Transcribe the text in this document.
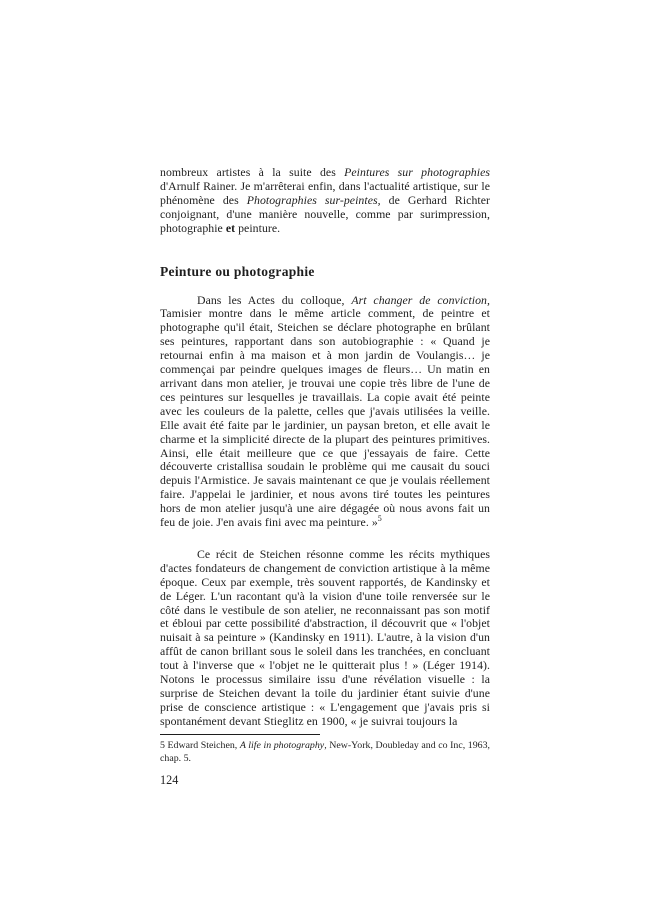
nombreux artistes à la suite des Peintures sur photographies d'Arnulf Rainer. Je m'arrêterai enfin, dans l'actualité artistique, sur le phénomène des Photographies sur-peintes, de Gerhard Richter conjoignant, d'une manière nouvelle, comme par surimpression, photographie et peinture.

Peinture ou photographie

Dans les Actes du colloque, Art changer de conviction, Tamisier montre dans le même article comment, de peintre et photographe qu'il était, Steichen se déclare photographe en brûlant ses peintures, rapportant dans son autobiographie : « Quand je retournai enfin à ma maison et à mon jardin de Voulangis… je commençai par peindre quelques images de fleurs… Un matin en arrivant dans mon atelier, je trouvai une copie très libre de l'une de ces peintures sur lesquelles je travaillais. La copie avait été peinte avec les couleurs de la palette, celles que j'avais utilisées la veille. Elle avait été faite par le jardinier, un paysan breton, et elle avait le charme et la simplicité directe de la plupart des peintures primitives. Ainsi, elle était meilleure que ce que j'essayais de faire. Cette découverte cristallisa soudain le problème qui me causait du souci depuis l'Armistice. Je savais maintenant ce que je voulais réellement faire. J'appelai le jardinier, et nous avons tiré toutes les peintures hors de mon atelier jusqu'à une aire dégagée où nous avons fait un feu de joie. J'en avais fini avec ma peinture. »$^5$

Ce récit de Steichen résonne comme les récits mythiques d'actes fondateurs de changement de conviction artistique à la même époque. Ceux par exemple, très souvent rapportés, de Kandinsky et de Léger. L'un racontant qu'à la vision d'une toile renversée sur le côté dans le vestibule de son atelier, ne reconnaissant pas son motif et ébloui par cette possibilité d'abstraction, il découvrit que « l'objet nuisait à sa peinture » (Kandinsky en 1911). L'autre, à la vision d'un affût de canon brillant sous le soleil dans les tranchées, en concluant tout à l'inverse que « l'objet ne le quitterait plus ! » (Léger 1914). Notons le processus similaire issu d'une révélation visuelle : la surprise de Steichen devant la toile du jardinier étant suivie d'une prise de conscience artistique : « L'engagement que j'avais pris si spontanément devant Stieglitz en 1900, « je suivrai toujours la

5 Edward Steichen, A life in photography, New-York, Doubleday and co Inc, 1963, chap. 5.

124
